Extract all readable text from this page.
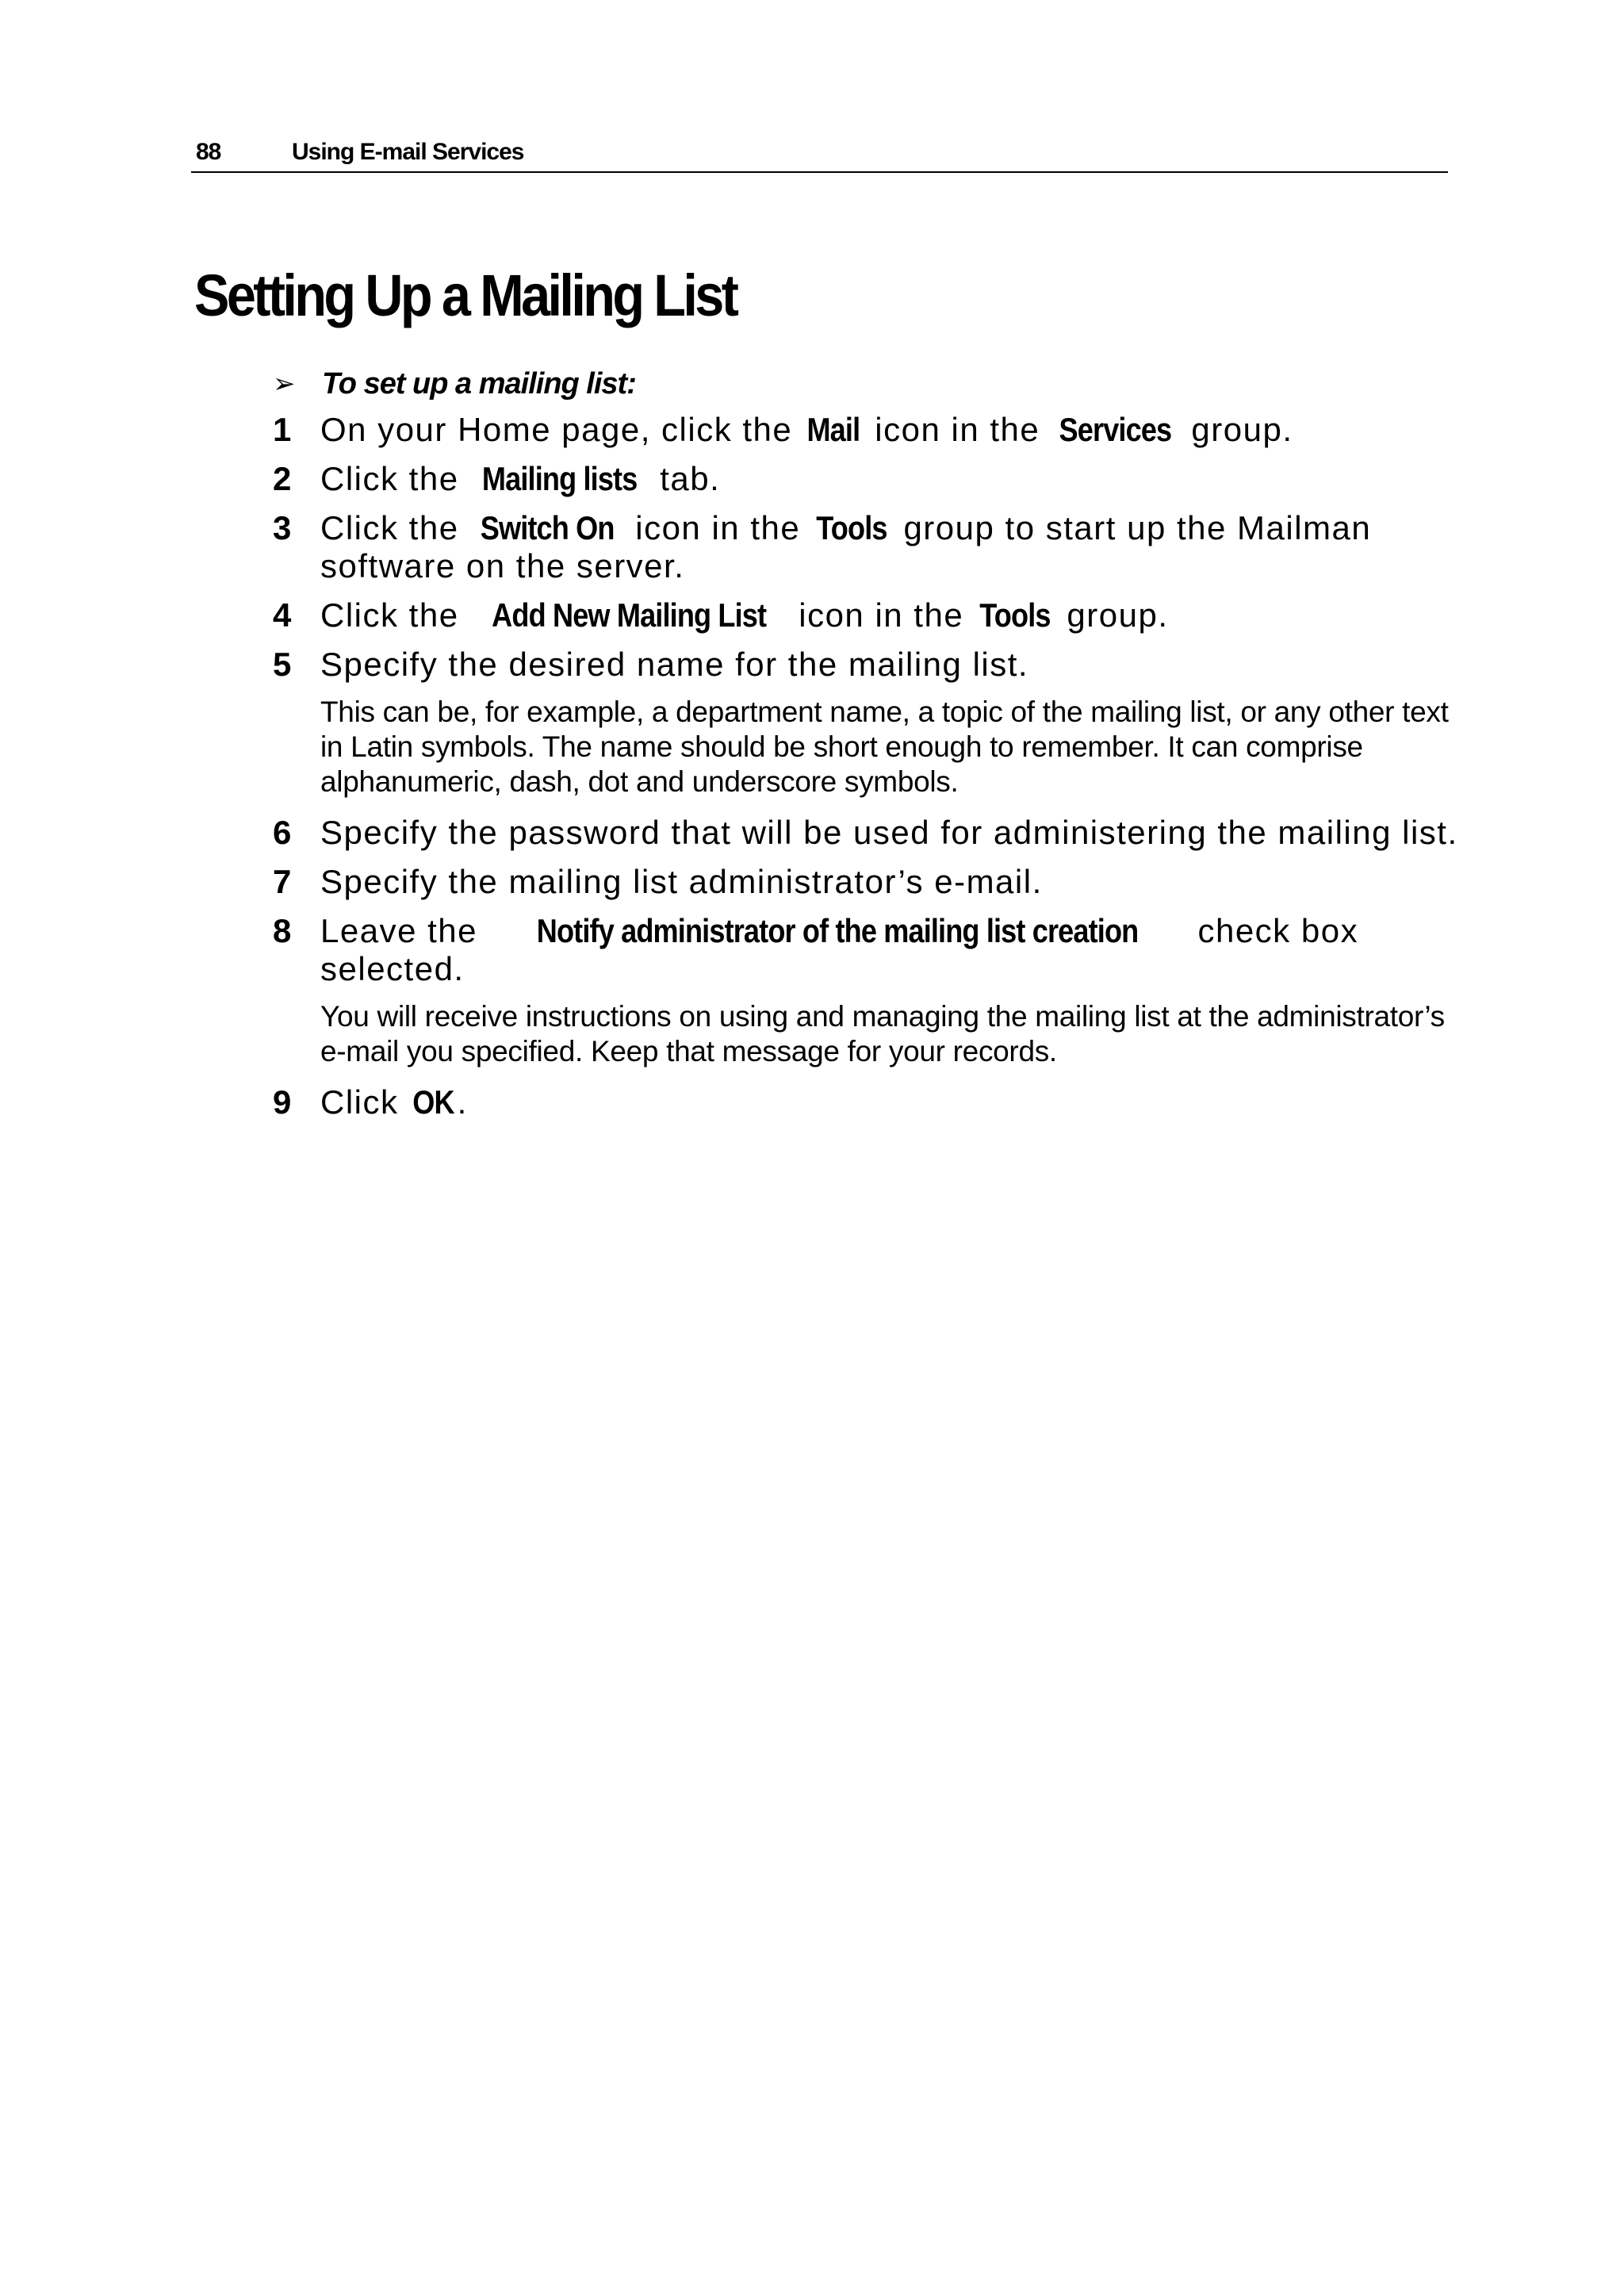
88	Using E-mail Services
Setting Up a Mailing List
➢ To set up a mailing list:
1 On your Home page, click the Mail icon in the Services group.
2 Click the Mailing lists tab.
3 Click the Switch On icon in the Tools group to start up the Mailman software on the server.
4 Click the Add New Mailing List icon in the Tools group.
5 Specify the desired name for the mailing list.
This can be, for example, a department name, a topic of the mailing list, or any other text in Latin symbols. The name should be short enough to remember. It can comprise alphanumeric, dash, dot and underscore symbols.
6 Specify the password that will be used for administering the mailing list.
7 Specify the mailing list administrator’s e-mail.
8 Leave the Notify administrator of the mailing list creation check box selected.
You will receive instructions on using and managing the mailing list at the administrator’s e-mail you specified. Keep that message for your records.
9 Click OK .
